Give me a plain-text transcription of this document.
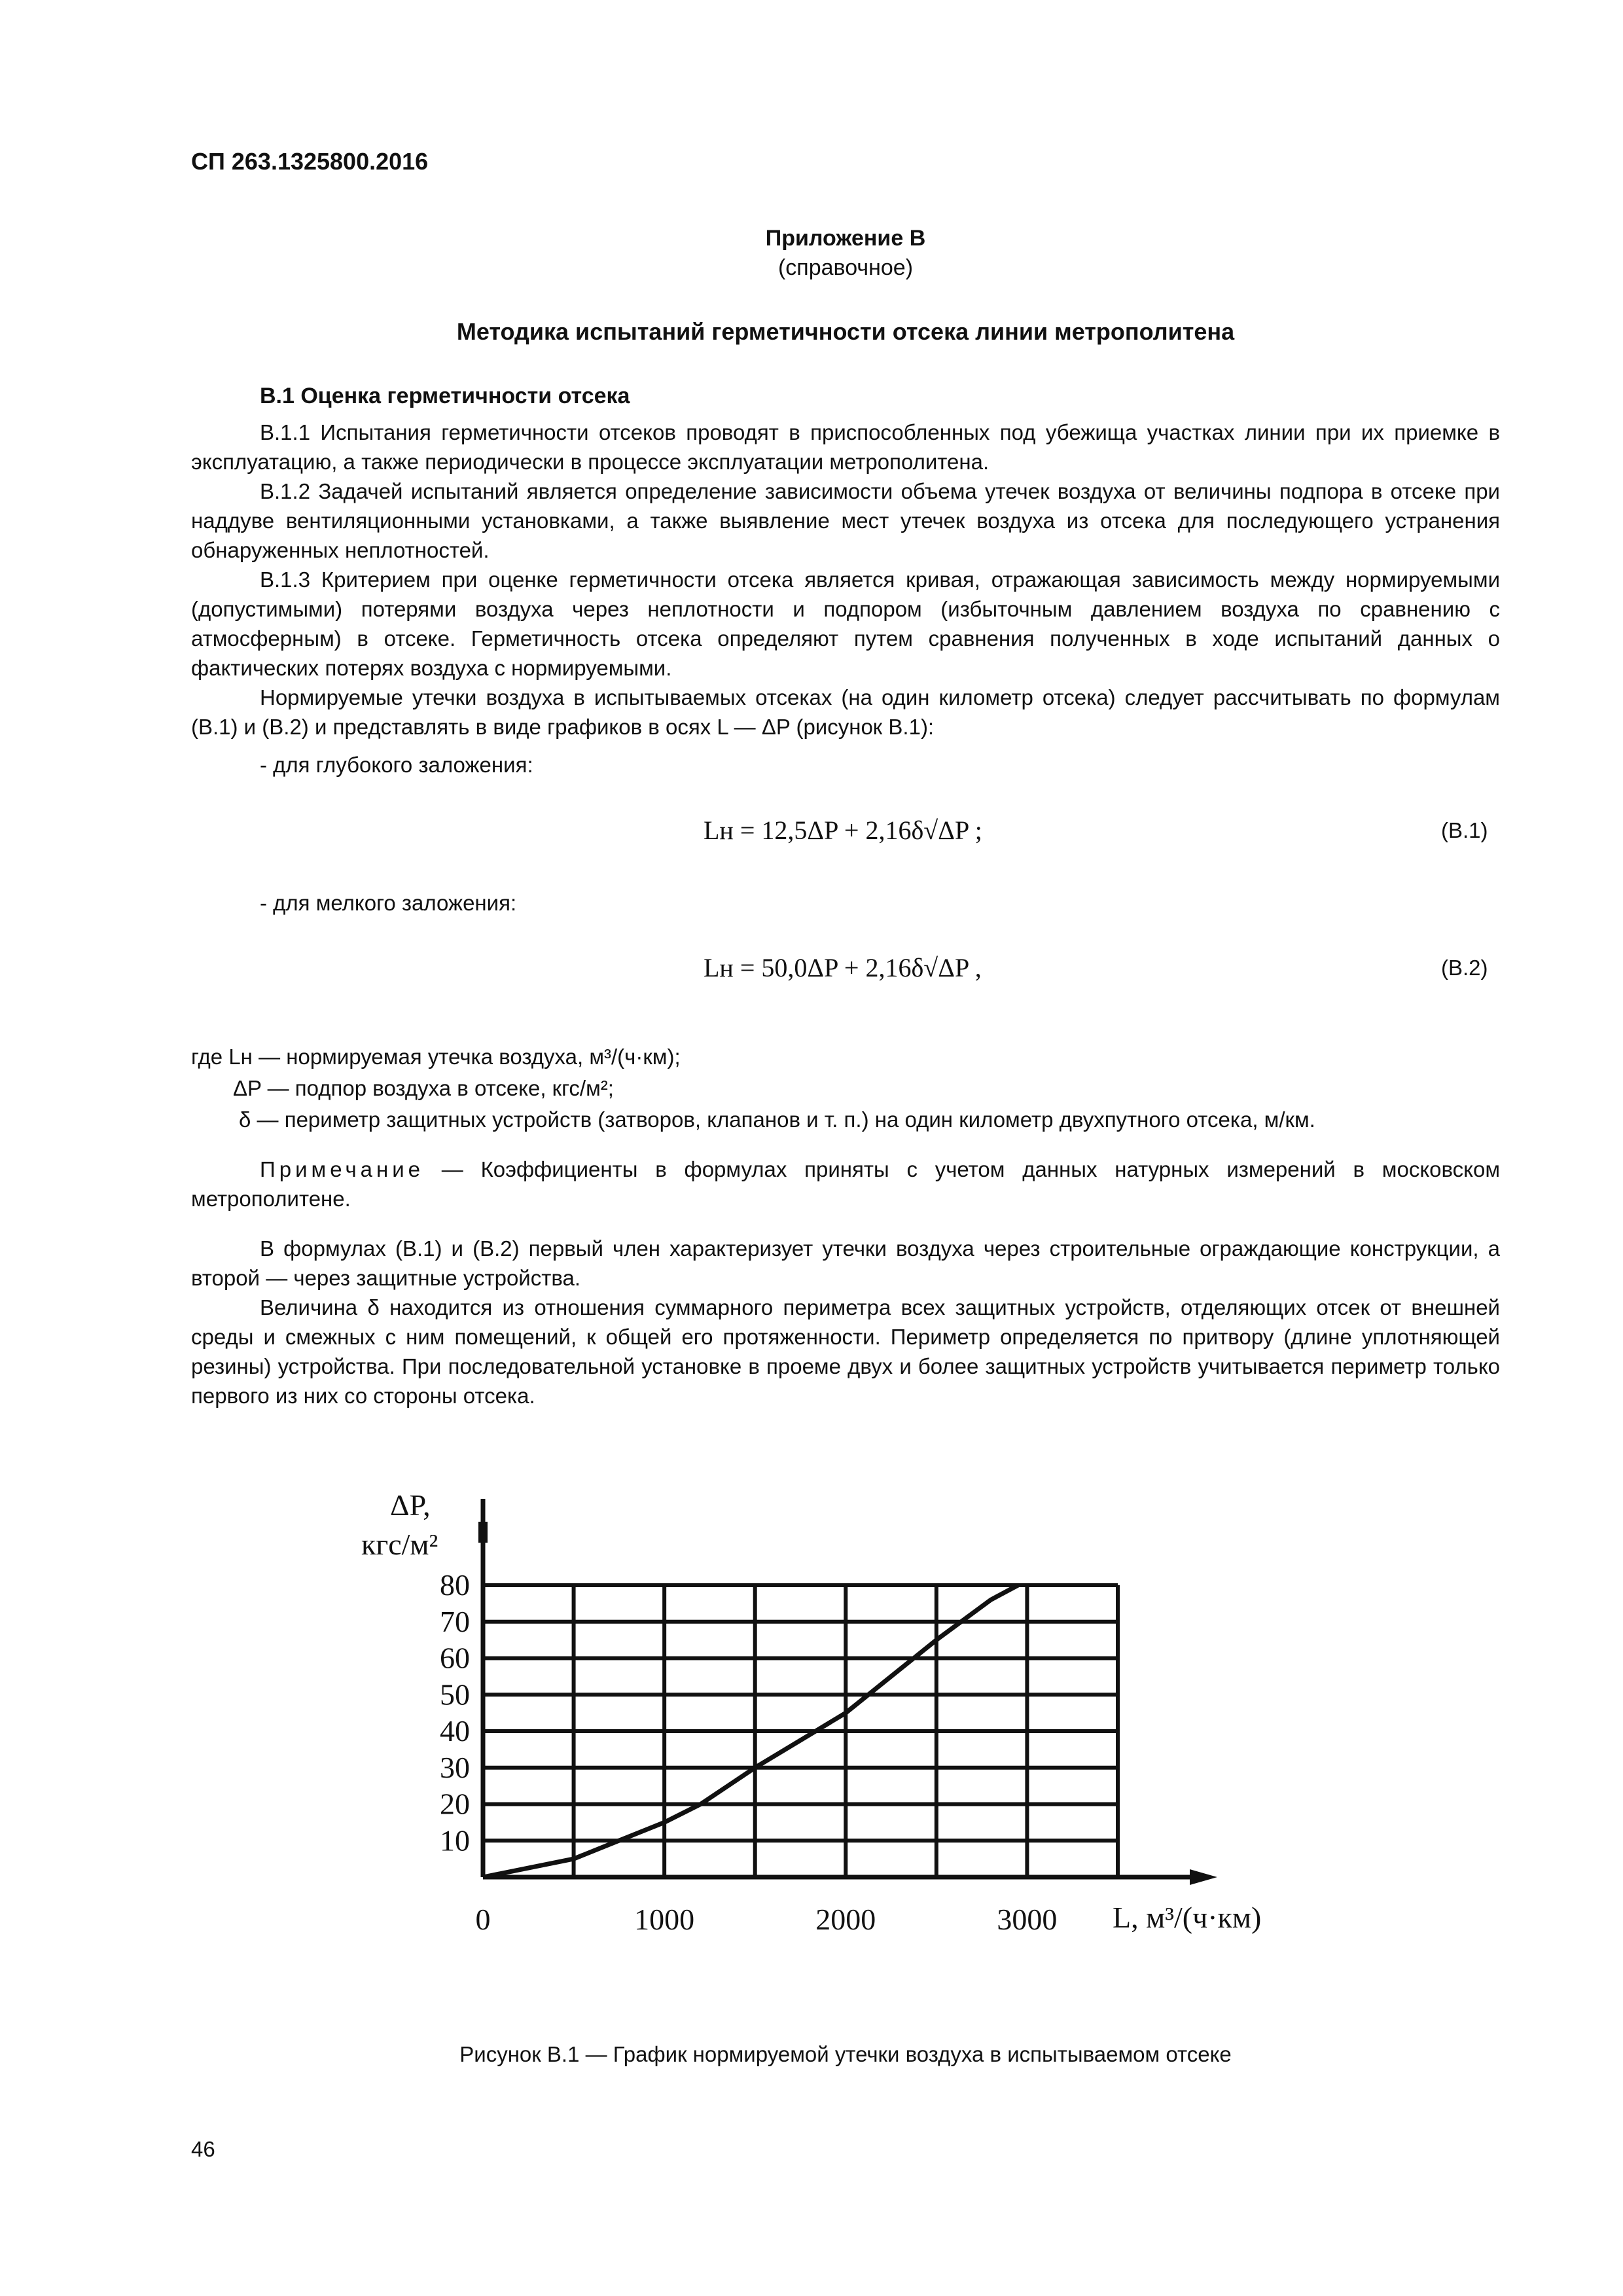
СП 263.1325800.2016
Приложение В
(справочное)
Методика испытаний герметичности отсека линии метрополитена
В.1 Оценка герметичности отсека

В.1.1 Испытания герметичности отсеков проводят в приспособленных под убежища участках линии при их приемке в эксплуатацию, а также периодически в процессе эксплуатации метрополитена.

В.1.2 Задачей испытаний является определение зависимости объема утечек воздуха от величины подпора в отсеке при наддуве вентиляционными установками, а также выявление мест утечек воздуха из отсека для последующего устранения обнаруженных неплотностей.

В.1.3 Критерием при оценке герметичности отсека является кривая, отражающая зависимость между нормируемыми (допустимыми) потерями воздуха через неплотности и подпором (избыточным давлением воздуха по сравнению с атмосферным) в отсеке. Герметичность отсека определяют путем сравнения полученных в ходе испытаний данных о фактических потерях воздуха с нормируемыми.

Нормируемые утечки воздуха в испытываемых отсеках (на один километр отсека) следует рассчитывать по формулам (В.1) и (В.2) и представлять в виде графиков в осях L — ΔP (рисунок В.1):

- для глубокого заложения:
Lн = 12,5ΔP + 2,16δ√ΔP ;	(В.1)
- для мелкого заложения:
Lн = 50,0ΔP + 2,16δ√ΔP ,	(В.2)
где Lн — нормируемая утечка воздуха, м³/(ч·км);
ΔP — подпор воздуха в отсеке, кгс/м²;
δ — периметр защитных устройств (затворов, клапанов и т. п.) на один километр двухпутного отсека, м/км.
Примечание — Коэффициенты в формулах приняты с учетом данных натурных измерений в московском метрополитене.

В формулах (В.1) и (В.2) первый член характеризует утечки воздуха через строительные ограждающие конструкции, а второй — через защитные устройства.

Величина δ находится из отношения суммарного периметра всех защитных устройств, отделяющих отсек от внешней среды и смежных с ним помещений, к общей его протяженности. Периметр определяется по притвору (длине уплотняющей резины) устройства. При последовательной установке в проеме двух и более защитных устройств учитывается периметр только первого из них со стороны отсека.

10
20
30
40
50
60
70
80
0	1000	2000	3000
ΔP,
кгс/м²
L, м³/(ч·км)
Рисунок В.1 — График нормируемой утечки воздуха в испытываемом отсеке
46
